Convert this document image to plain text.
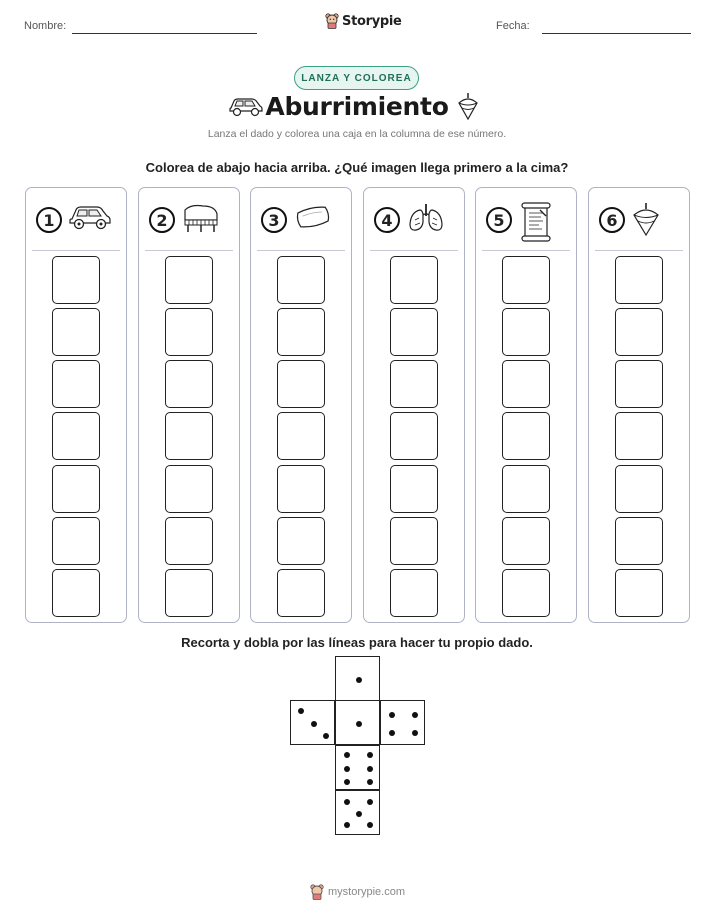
Nombre:	Fecha:
Storypie
LANZA Y COLOREA
Aburrimiento
Lanza el dado y colorea una caja en la columna de ese número.
Colorea de abajo hacia arriba. ¿Qué imagen llega primero a la cima?
1	2	3	4	5	6
Recorta y dobla por las líneas para hacer tu propio dado.
mystorypie.com
